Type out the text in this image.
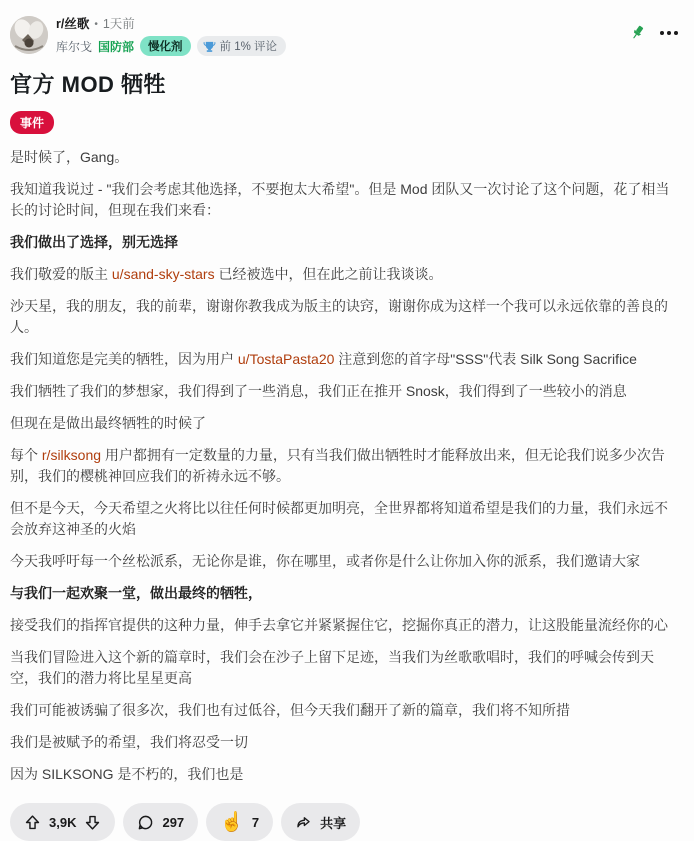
r/丝歌 • 1天前
库尔戈 国防部	慢化剂	前 1% 评论
官方 MOD 牺牲
事件

是时候了，Gang。

我知道我说过 - "我们会考虑其他选择，不要抱太大希望"。但是 Mod 团队又一次讨论了这个问题，花了相当长的讨论时间，但现在我们来看：

我们做出了选择，别无选择

我们敬爱的版主 u/sand-sky-stars 已经被选中，但在此之前让我谈谈。

沙天星，我的朋友，我的前辈，谢谢你教我成为版主的诀窍，谢谢你成为这样一个我可以永远依靠的善良的人。

我们知道您是完美的牺牲，因为用户 u/TostaPasta20 注意到您的首字母"SSS"代表 Silk Song Sacrifice

我们牺牲了我们的梦想家，我们得到了一些消息，我们正在推开 Snosk，我们得到了一些较小的消息

但现在是做出最终牺牲的时候了

每个 r/silksong 用户都拥有一定数量的力量，只有当我们做出牺牲时才能释放出来，但无论我们说多少次告别，我们的樱桃神回应我们的祈祷永远不够。

但不是今天，今天希望之火将比以往任何时候都更加明亮，全世界都将知道希望是我们的力量，我们永远不会放弃这神圣的火焰

今天我呼吁每一个丝松派系，无论你是谁，你在哪里，或者你是什么让你加入你的派系，我们邀请大家

与我们一起欢聚一堂，做出最终的牺牲，

接受我们的指挥官提供的这种力量，伸手去拿它并紧紧握住它，挖掘你真正的潜力，让这股能量流经你的心

当我们冒险进入这个新的篇章时，我们会在沙子上留下足迹，当我们为丝歌歌唱时，我们的呼喊会传到天空，我们的潜力将比星星更高

我们可能被诱骗了很多次，我们也有过低谷，但今天我们翻开了新的篇章，我们将不知所措

我们是被赋予的希望，我们将忍受一切

因为 SILKSONG 是不朽的，我们也是

3,9K	297 ☝ 7	共享
